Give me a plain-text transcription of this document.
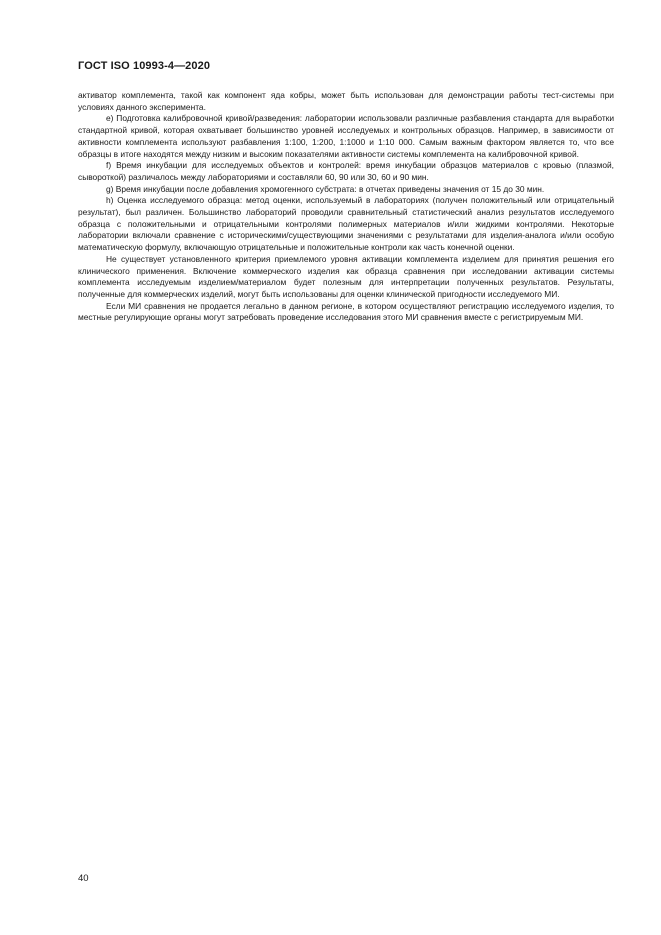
ГОСТ ISO 10993-4—2020

активатор комплемента, такой как компонент яда кобры, может быть использован для демонстрации работы тест-системы при условиях данного эксперимента.

е) Подготовка калибровочной кривой/разведения: лаборатории использовали различные разбавления стандарта для выработки стандартной кривой, которая охватывает большинство уровней исследуемых и контрольных образцов. Например, в зависимости от активности комплемента используют разбавления 1:100, 1:200, 1:1000 и 1:10 000. Самым важным фактором является то, что все образцы в итоге находятся между низким и высоким показателями активности системы комплемента на калибровочной кривой.

f) Время инкубации для исследуемых объектов и контролей: время инкубации образцов материалов с кровью (плазмой, сывороткой) различалось между лабораториями и составляли 60, 90 или 30, 60 и 90 мин.

g) Время инкубации после добавления хромогенного субстрата: в отчетах приведены значения от 15 до 30 мин.

h) Оценка исследуемого образца: метод оценки, используемый в лабораториях (получен положительный или отрицательный результат), был различен. Большинство лабораторий проводили сравнительный статистический анализ результатов исследуемого образца с положительными и отрицательными контролями полимерных материалов и/или жидкими контролями. Некоторые лаборатории включали сравнение с историческими/существующими значениями с результатами для изделия-аналога и/или особую математическую формулу, включающую отрицательные и положительные контроли как часть конечной оценки.

Не существует установленного критерия приемлемого уровня активации комплемента изделием для принятия решения его клинического применения. Включение коммерческого изделия как образца сравнения при исследовании активации системы комплемента исследуемым изделием/материалом будет полезным для интерпретации полученных результатов. Результаты, полученные для коммерческих изделий, могут быть использованы для оценки клинической пригодности исследуемого МИ.

Если МИ сравнения не продается легально в данном регионе, в котором осуществляют регистрацию исследуемого изделия, то местные регулирующие органы могут затребовать проведение исследования этого МИ сравнения вместе с регистрируемым МИ.

40
